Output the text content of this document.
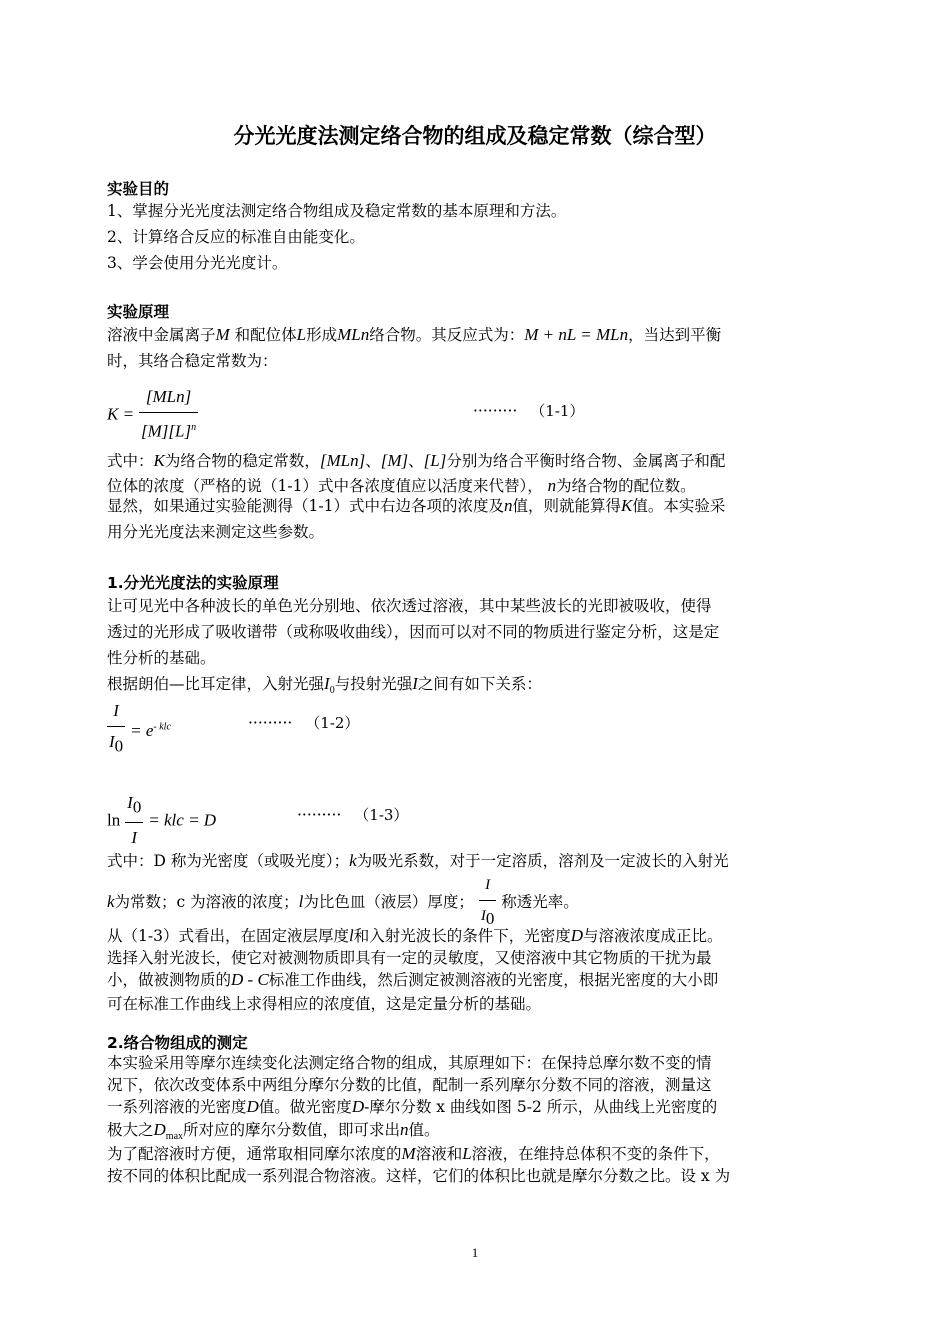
分光光度法测定络合物的组成及稳定常数（综合型）
实验目的
1、掌握分光光度法测定络合物组成及稳定常数的基本原理和方法。
2、计算络合反应的标准自由能变化。
3、学会使用分光光度计。
实验原理
溶液中金属离子M 和配位体L形成MLn络合物。其反应式为：M + nL = MLn，当达到平衡
时，其络合稳定常数为：
$K = \frac{\text{[MLn]}}{[M][L]^n}$	········· （1-1）
式中：K为络合物的稳定常数，[MLn]、[M]、[L]分别为络合平衡时络合物、金属离子和配
位体的浓度（严格的说（1-1）式中各浓度值应以活度来代替）， n为络合物的配位数。
显然，如果通过实验能测得（1-1）式中右边各项的浓度及n值，则就能算得K值。本实验采
用分光光度法来测定这些参数。
1.分光光度法的实验原理
让可见光中各种波长的单色光分别地、依次透过溶液，其中某些波长的光即被吸收，使得
透过的光形成了吸收谱带（或称吸收曲线），因而可以对不同的物质进行鉴定分析，这是定
性分析的基础。
根据朗伯—比耳定律，入射光强$I_0$与投射光强I之间有如下关系：
$\frac{I}{I_0} = e^{- klc}$	········· （1-2）
$\ln \frac{I_0}{I}$ = klc = D	········· （1-3）
式中：D 称为光密度（或吸光度）；k为吸光系数，对于一定溶质，溶剂及一定波长的入射光
k为常数；c 为溶液的浓度；l为比色皿（液层）厚度； $\frac{I}{I_0}$ 称透光率。
从（1-3）式看出，在固定液层厚度l和入射光波长的条件下，光密度D与溶液浓度成正比。
选择入射光波长，使它对被测物质即具有一定的灵敏度，又使溶液中其它物质的干扰为最
小，做被测物质的D - C标准工作曲线，然后测定被测溶液的光密度，根据光密度的大小即
可在标准工作曲线上求得相应的浓度值，这是定量分析的基础。
2.络合物组成的测定
本实验采用等摩尔连续变化法测定络合物的组成，其原理如下：在保持总摩尔数不变的情
况下，依次改变体系中两组分摩尔分数的比值，配制一系列摩尔分数不同的溶液，测量这
一系列溶液的光密度D值。做光密度D-摩尔分数 x 曲线如图 5-2 所示，从曲线上光密度的
极大之$D_{max}$所对应的摩尔分数值，即可求出n值。
为了配溶液时方便，通常取相同摩尔浓度的M溶液和L溶液，在维持总体积不变的条件下，
按不同的体积比配成一系列混合物溶液。这样，它们的体积比也就是摩尔分数之比。设 x 为
1
